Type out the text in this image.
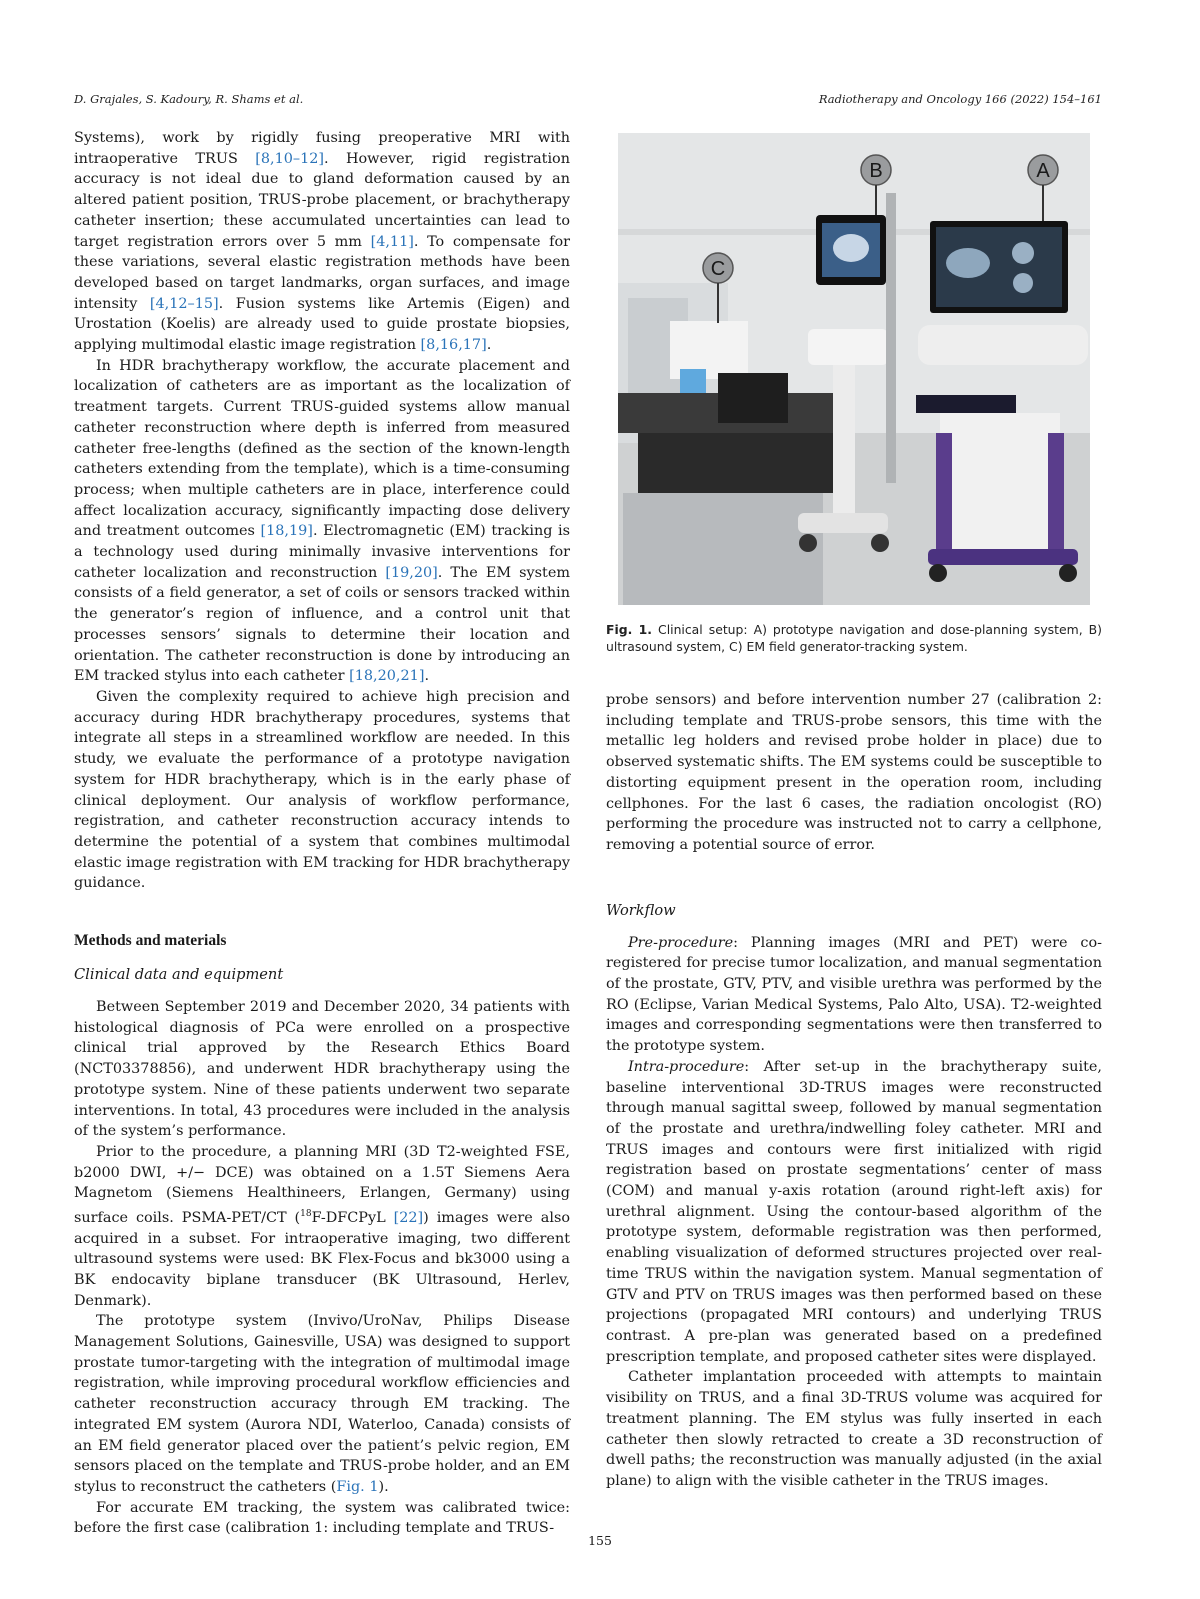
D. Grajales, S. Kadoury, R. Shams et al.	Radiotherapy and Oncology 166 (2022) 154–161

Systems), work by rigidly fusing preoperative MRI with intraoperative TRUS [8,10–12]. However, rigid registration accuracy is not ideal due to gland deformation caused by an altered patient position, TRUS-probe placement, or brachytherapy catheter insertion; these accumulated uncertainties can lead to target registration errors over 5 mm [4,11]. To compensate for these variations, several elastic registration methods have been developed based on target landmarks, organ surfaces, and image intensity [4,12–15]. Fusion systems like Artemis (Eigen) and Urostation (Koelis) are already used to guide prostate biopsies, applying multimodal elastic image registration [8,16,17].

In HDR brachytherapy workflow, the accurate placement and localization of catheters are as important as the localization of treatment targets. Current TRUS-guided systems allow manual catheter reconstruction where depth is inferred from measured catheter free-lengths (defined as the section of the known-length catheters extending from the template), which is a time-consuming process; when multiple catheters are in place, interference could affect localization accuracy, significantly impacting dose delivery and treatment outcomes [18,19]. Electromagnetic (EM) tracking is a technology used during minimally invasive interventions for catheter localization and reconstruction [19,20]. The EM system consists of a field generator, a set of coils or sensors tracked within the generator’s region of influence, and a control unit that processes sensors’ signals to determine their location and orientation. The catheter reconstruction is done by introducing an EM tracked stylus into each catheter [18,20,21].

Given the complexity required to achieve high precision and accuracy during HDR brachytherapy procedures, systems that integrate all steps in a streamlined workflow are needed. In this study, we evaluate the performance of a prototype navigation system for HDR brachytherapy, which is in the early phase of clinical deployment. Our analysis of workflow performance, registration, and catheter reconstruction accuracy intends to determine the potential of a system that combines multimodal elastic image registration with EM tracking for HDR brachytherapy guidance.

Methods and materials
Clinical data and equipment

Between September 2019 and December 2020, 34 patients with histological diagnosis of PCa were enrolled on a prospective clinical trial approved by the Research Ethics Board (NCT03378856), and underwent HDR brachytherapy using the prototype system. Nine of these patients underwent two separate interventions. In total, 43 procedures were included in the analysis of the system’s performance.

Prior to the procedure, a planning MRI (3D T2-weighted FSE, b2000 DWI, +/− DCE) was obtained on a 1.5T Siemens Aera Magnetom (Siemens Healthineers, Erlangen, Germany) using surface coils. PSMA-PET/CT ($^{18}$F-DFCPyL [22]) images were also acquired in a subset. For intraoperative imaging, two different ultrasound systems were used: BK Flex-Focus and bk3000 using a BK endocavity biplane transducer (BK Ultrasound, Herlev, Denmark).

The prototype system (Invivo/UroNav, Philips Disease Management Solutions, Gainesville, USA) was designed to support prostate tumor-targeting with the integration of multimodal image registration, while improving procedural workflow efficiencies and catheter reconstruction accuracy through EM tracking. The integrated EM system (Aurora NDI, Waterloo, Canada) consists of an EM field generator placed over the patient’s pelvic region, EM sensors placed on the template and TRUS-probe holder, and an EM stylus to reconstruct the catheters (Fig. 1).

For accurate EM tracking, the system was calibrated twice: before the first case (calibration 1: including template and TRUS-

B	A
C
Fig. 1. Clinical setup: A) prototype navigation and dose-planning system, B) ultrasound system, C) EM field generator-tracking system.

probe sensors) and before intervention number 27 (calibration 2: including template and TRUS-probe sensors, this time with the metallic leg holders and revised probe holder in place) due to observed systematic shifts. The EM systems could be susceptible to distorting equipment present in the operation room, including cellphones. For the last 6 cases, the radiation oncologist (RO) performing the procedure was instructed not to carry a cellphone, removing a potential source of error.

Workflow

Pre-procedure: Planning images (MRI and PET) were co-registered for precise tumor localization, and manual segmentation of the prostate, GTV, PTV, and visible urethra was performed by the RO (Eclipse, Varian Medical Systems, Palo Alto, USA). T2-weighted images and corresponding segmentations were then transferred to the prototype system.

Intra-procedure: After set-up in the brachytherapy suite, baseline interventional 3D-TRUS images were reconstructed through manual sagittal sweep, followed by manual segmentation of the prostate and urethra/indwelling foley catheter. MRI and TRUS images and contours were first initialized with rigid registration based on prostate segmentations’ center of mass (COM) and manual y-axis rotation (around right-left axis) for urethral alignment. Using the contour-based algorithm of the prototype system, deformable registration was then performed, enabling visualization of deformed structures projected over real-time TRUS within the navigation system. Manual segmentation of GTV and PTV on TRUS images was then performed based on these projections (propagated MRI contours) and underlying TRUS contrast. A pre-plan was generated based on a predefined prescription template, and proposed catheter sites were displayed.

Catheter implantation proceeded with attempts to maintain visibility on TRUS, and a final 3D-TRUS volume was acquired for treatment planning. The EM stylus was fully inserted in each catheter then slowly retracted to create a 3D reconstruction of dwell paths; the reconstruction was manually adjusted (in the axial plane) to align with the visible catheter in the TRUS images.

155
